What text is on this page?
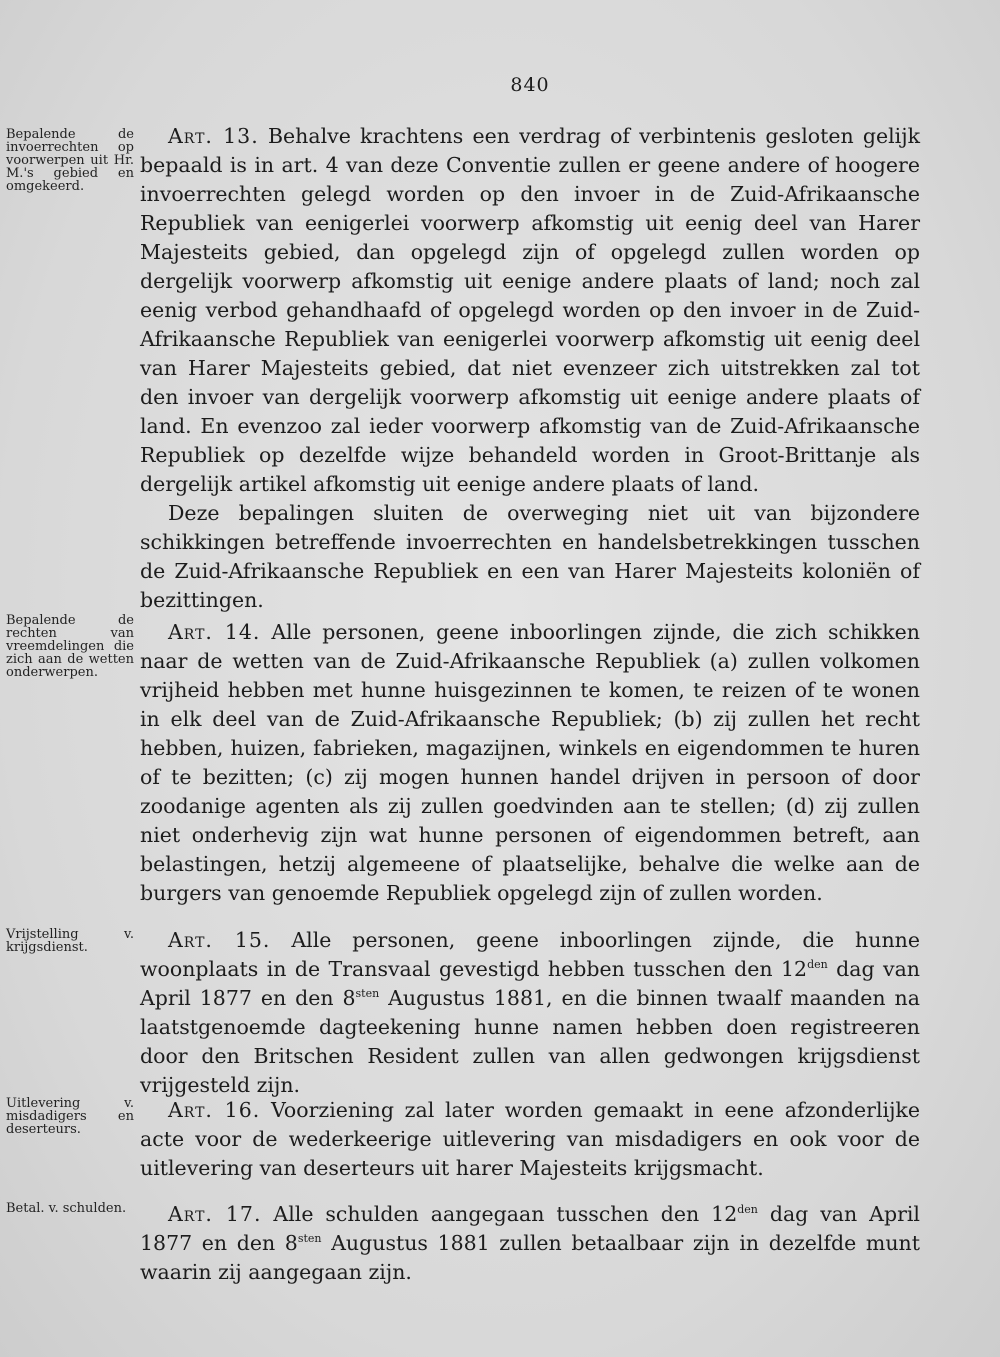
840
Bepalende de invoerrechten op voorwerpen uit Hr. M.'s gebied en omgekeerd.
Bepalende de rechten van vreemdelingen die zich aan de wetten onderwerpen.
Vrijstelling v. krijgsdienst.
Uitlevering v. misdadigers en deserteurs.
Betal. v. schulden.

Art. 13. Behalve krachtens een verdrag of verbintenis gesloten gelijk bepaald is in art. 4 van deze Conventie zullen er geene andere of hoogere invoerrechten gelegd worden op den invoer in de Zuid-Afrikaansche Republiek van eenigerlei voorwerp afkomstig uit eenig deel van Harer Majesteits gebied, dan opgelegd zijn of opgelegd zullen worden op dergelijk voorwerp afkomstig uit eenige andere plaats of land; noch zal eenig verbod gehandhaafd of opgelegd worden op den invoer in de Zuid-Afrikaansche Republiek van eenigerlei voorwerp afkomstig uit eenig deel van Harer Majesteits gebied, dat niet evenzeer zich uitstrekken zal tot den invoer van dergelijk voorwerp afkomstig uit eenige andere plaats of land. En evenzoo zal ieder voorwerp afkomstig van de Zuid-Afrikaansche Republiek op dezelfde wijze behandeld worden in Groot-Brittanje als dergelijk artikel afkomstig uit eenige andere plaats of land.

Deze bepalingen sluiten de overweging niet uit van bijzondere schikkingen betreffende invoerrechten en handelsbetrekkingen tusschen de Zuid-Afrikaansche Republiek en een van Harer Majesteits koloniën of bezittingen.

Art. 14. Alle personen, geene inboorlingen zijnde, die zich schikken naar de wetten van de Zuid-Afrikaansche Republiek (a) zullen volkomen vrijheid hebben met hunne huisgezinnen te komen, te reizen of te wonen in elk deel van de Zuid-Afrikaansche Republiek; (b) zij zullen het recht hebben, huizen, fabrieken, magazijnen, winkels en eigendommen te huren of te bezitten; (c) zij mogen hunnen handel drijven in persoon of door zoodanige agenten als zij zullen goedvinden aan te stellen; (d) zij zullen niet onderhevig zijn wat hunne personen of eigendommen betreft, aan belastingen, hetzij algemeene of plaatselijke, behalve die welke aan de burgers van genoemde Republiek opgelegd zijn of zullen worden.

Art. 15. Alle personen, geene inboorlingen zijnde, die hunne woonplaats in de Transvaal gevestigd hebben tusschen den $12^{den}$ dag van April 1877 en den $8^{sten}$ Augustus 1881, en die binnen twaalf maanden na laatstgenoemde dagteekening hunne namen hebben doen registreeren door den Britschen Resident zullen van allen gedwongen krijgsdienst vrijgesteld zijn.

Art. 16. Voorziening zal later worden gemaakt in eene afzonderlijke acte voor de wederkeerige uitlevering van misdadigers en ook voor de uitlevering van deserteurs uit harer Majesteits krijgsmacht.

Art. 17. Alle schulden aangegaan tusschen den $12^{den}$ dag van April 1877 en den $8^{sten}$ Augustus 1881 zullen betaalbaar zijn in dezelfde munt waarin zij aangegaan zijn.
